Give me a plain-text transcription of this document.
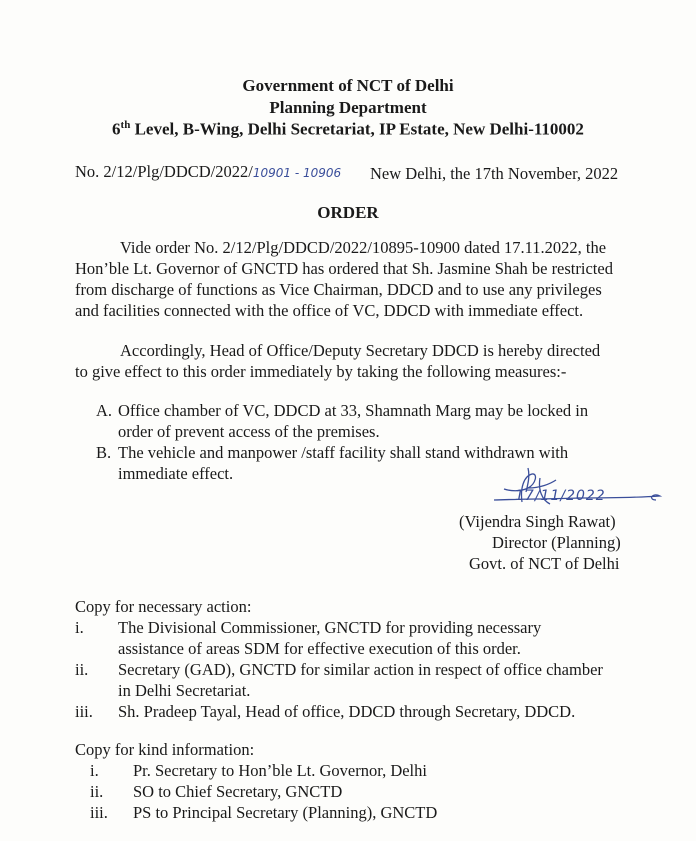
Government of NCT of Delhi
Planning Department
6th Level, B-Wing, Delhi Secretariat, IP Estate, New Delhi-110002
No. 2/12/Plg/DDCD/2022/10901 - 10906 New Delhi, the 17th November, 2022
ORDER
Vide order No. 2/12/Plg/DDCD/2022/10895-10900 dated 17.11.2022, the
Hon’ble Lt. Governor of GNCTD has ordered that Sh. Jasmine Shah be restricted
from discharge of functions as Vice Chairman, DDCD and to use any privileges
and facilities connected with the office of VC, DDCD with immediate effect.
Accordingly, Head of Office/Deputy Secretary DDCD is hereby directed
to give effect to this order immediately by taking the following measures:-
A. Office chamber of VC, DDCD at 33, Shamnath Marg may be locked in
order of prevent access of the premises.
B. The vehicle and manpower /staff facility shall stand withdrawn with
immediate effect.
17/11/2022
(Vijendra Singh Rawat)
Director (Planning)
Govt. of NCT of Delhi
Copy for necessary action:
i. The Divisional Commissioner, GNCTD for providing necessary
assistance of areas SDM for effective execution of this order.
ii. Secretary (GAD), GNCTD for similar action in respect of office chamber
in Delhi Secretariat.
iii. Sh. Pradeep Tayal, Head of office, DDCD through Secretary, DDCD.
Copy for kind information:
i. Pr. Secretary to Hon’ble Lt. Governor, Delhi
ii. SO to Chief Secretary, GNCTD
iii. PS to Principal Secretary (Planning), GNCTD
